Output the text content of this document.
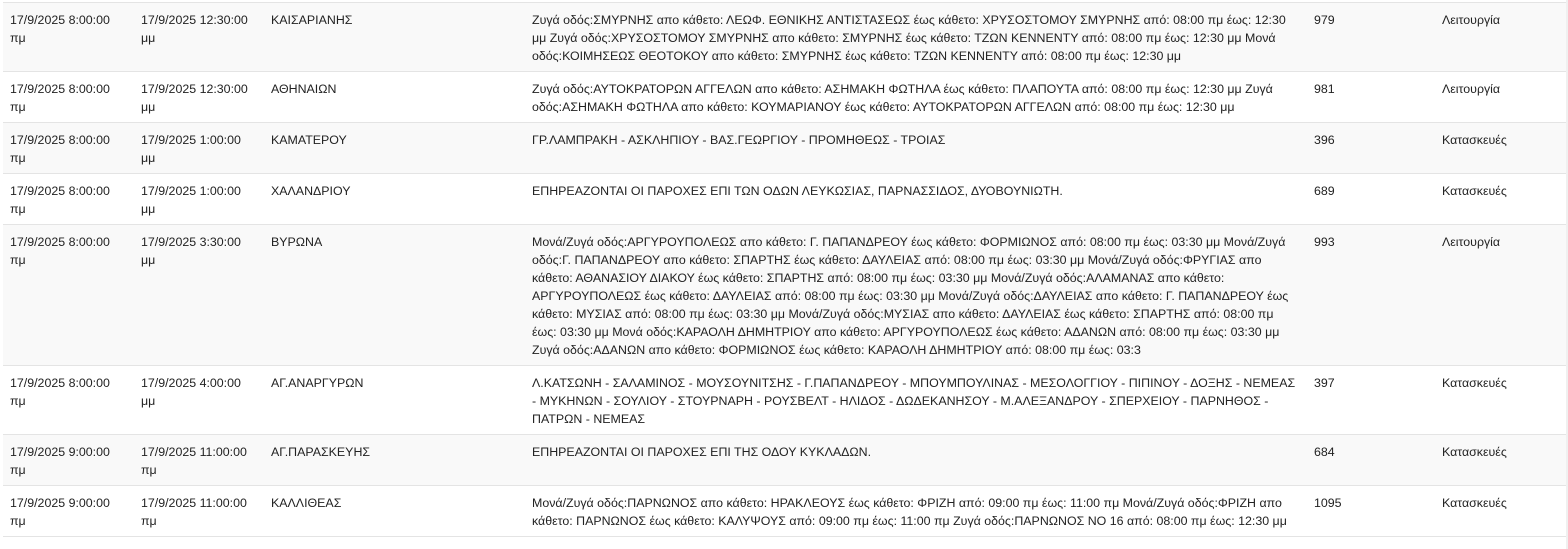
17/9/2025 8:00:00 πμ	17/9/2025 12:30:00 μμ	ΚΑΙΣΑΡΙΑΝΗΣ	Ζυγά οδός:ΣΜΥΡΝΗΣ απο κάθετο: ΛΕΩΦ. ΕΘΝΙΚΗΣ ΑΝΤΙΣΤΑΣΕΩΣ έως κάθετο: ΧΡΥΣΟΣΤΟΜΟΥ ΣΜΥΡΝΗΣ από: 08:00 πμ έως: 12:30 μμ Ζυγά οδός:ΧΡΥΣΟΣΤΟΜΟΥ ΣΜΥΡΝΗΣ απο κάθετο: ΣΜΥΡΝΗΣ έως κάθετο: ΤΖΩΝ ΚΕΝΝΕΝΤΥ από: 08:00 πμ έως: 12:30 μμ Μονά οδός:ΚΟΙΜΗΣΕΩΣ ΘΕΟΤΟΚΟΥ απο κάθετο: ΣΜΥΡΝΗΣ έως κάθετο: ΤΖΩΝ ΚΕΝΝΕΝΤΥ από: 08:00 πμ έως: 12:30 μμ	979	Λειτουργία
17/9/2025 8:00:00 πμ	17/9/2025 12:30:00 μμ	ΑΘΗΝΑΙΩΝ	Ζυγά οδός:ΑΥΤΟΚΡΑΤΟΡΩΝ ΑΓΓΕΛΩΝ απο κάθετο: ΑΣΗΜΑΚΗ ΦΩΤΗΛΑ έως κάθετο: ΠΛΑΠΟΥΤΑ από: 08:00 πμ έως: 12:30 μμ Ζυγά οδός:ΑΣΗΜΑΚΗ ΦΩΤΗΛΑ απο κάθετο: ΚΟΥΜΑΡΙΑΝΟΥ έως κάθετο: ΑΥΤΟΚΡΑΤΟΡΩΝ ΑΓΓΕΛΩΝ από: 08:00 πμ έως: 12:30 μμ	981	Λειτουργία
17/9/2025 8:00:00 πμ	17/9/2025 1:00:00 μμ	ΚΑΜΑΤΕΡΟΥ	ΓΡ.ΛΑΜΠΡΑΚΗ - ΑΣΚΛΗΠΙΟΥ - ΒΑΣ.ΓΕΩΡΓΙΟΥ - ΠΡΟΜΗΘΕΩΣ - ΤΡΟΙΑΣ	396	Κατασκευές
17/9/2025 8:00:00 πμ	17/9/2025 1:00:00 μμ	ΧΑΛΑΝΔΡΙΟΥ	ΕΠΗΡΕΑΖΟΝΤΑΙ ΟΙ ΠΑΡΟΧΕΣ ΕΠΙ ΤΩΝ ΟΔΩΝ ΛΕΥΚΩΣΙΑΣ, ΠΑΡΝΑΣΣΙΔΟΣ, ΔΥΟΒΟΥΝΙΩΤΗ.	689	Κατασκευές
17/9/2025 8:00:00 πμ	17/9/2025 3:30:00 μμ	ΒΥΡΩΝΑ	Μονά/Ζυγά οδός:ΑΡΓΥΡΟΥΠΟΛΕΩΣ απο κάθετο: Γ. ΠΑΠΑΝΔΡΕΟΥ έως κάθετο: ΦΟΡΜΙΩΝΟΣ από: 08:00 πμ έως: 03:30 μμ Μονά/Ζυγά οδός:Γ. ΠΑΠΑΝΔΡΕΟΥ απο κάθετο: ΣΠΑΡΤΗΣ έως κάθετο: ΔΑΥΛΕΙΑΣ από: 08:00 πμ έως: 03:30 μμ Μονά/Ζυγά οδός:ΦΡΥΓΙΑΣ απο κάθετο: ΑΘΑΝΑΣΙΟΥ ΔΙΑΚΟΥ έως κάθετο: ΣΠΑΡΤΗΣ από: 08:00 πμ έως: 03:30 μμ Μονά/Ζυγά οδός:ΑΛΑΜΑΝΑΣ απο κάθετο: ΑΡΓΥΡΟΥΠΟΛΕΩΣ έως κάθετο: ΔΑΥΛΕΙΑΣ από: 08:00 πμ έως: 03:30 μμ Μονά/Ζυγά οδός:ΔΑΥΛΕΙΑΣ απο κάθετο: Γ. ΠΑΠΑΝΔΡΕΟΥ έως κάθετο: ΜΥΣΙΑΣ από: 08:00 πμ έως: 03:30 μμ Μονά/Ζυγά οδός:ΜΥΣΙΑΣ απο κάθετο: ΔΑΥΛΕΙΑΣ έως κάθετο: ΣΠΑΡΤΗΣ από: 08:00 πμ έως: 03:30 μμ Μονά οδός:ΚΑΡΑΟΛΗ ΔΗΜΗΤΡΙΟΥ απο κάθετο: ΑΡΓΥΡΟΥΠΟΛΕΩΣ έως κάθετο: ΑΔΑΝΩΝ από: 08:00 πμ έως: 03:30 μμ Ζυγά οδός:ΑΔΑΝΩΝ απο κάθετο: ΦΟΡΜΙΩΝΟΣ έως κάθετο: ΚΑΡΑΟΛΗ ΔΗΜΗΤΡΙΟΥ από: 08:00 πμ έως: 03:3	993	Λειτουργία
17/9/2025 8:00:00 πμ	17/9/2025 4:00:00 μμ	ΑΓ.ΑΝΑΡΓΥΡΩΝ	Λ.ΚΑΤΣΩΝΗ - ΣΑΛΑΜΙΝΟΣ - ΜΟΥΣΟΥΝΙΤΣΗΣ - Γ.ΠΑΠΑΝΔΡΕΟΥ - ΜΠΟΥΜΠΟΥΛΙΝΑΣ - ΜΕΣΟΛΟΓΓΙΟΥ - ΠΙΠΙΝΟΥ - ΔΟΞΗΣ - ΝΕΜΕΑΣ - ΜΥΚΗΝΩΝ - ΣΟΥΛΙΟΥ - ΣΤΟΥΡΝΑΡΗ - ΡΟΥΣΒΕΛΤ - ΗΛΙΔΟΣ - ΔΩΔΕΚΑΝΗΣΟΥ - Μ.ΑΛΕΞΑΝΔΡΟΥ - ΣΠΕΡΧΕΙΟΥ - ΠΑΡΝΗΘΟΣ - ΠΑΤΡΩΝ - ΝΕΜΕΑΣ	397	Κατασκευές
17/9/2025 9:00:00 πμ	17/9/2025 11:00:00 πμ	ΑΓ.ΠΑΡΑΣΚΕΥΗΣ	ΕΠΗΡΕΑΖΟΝΤΑΙ ΟΙ ΠΑΡΟΧΕΣ ΕΠΙ ΤΗΣ ΟΔΟΥ ΚΥΚΛΑΔΩΝ.	684	Κατασκευές
17/9/2025 9:00:00 πμ	17/9/2025 11:00:00 πμ	ΚΑΛΛΙΘΕΑΣ	Μονά/Ζυγά οδός:ΠΑΡΝΩΝΟΣ απο κάθετο: ΗΡΑΚΛΕΟΥΣ έως κάθετο: ΦΡΙΖΗ από: 09:00 πμ έως: 11:00 πμ Μονά/Ζυγά οδός:ΦΡΙΖΗ απο κάθετο: ΠΑΡΝΩΝΟΣ έως κάθετο: ΚΑΛΥΨΟΥΣ από: 09:00 πμ έως: 11:00 πμ Ζυγά οδός:ΠΑΡΝΩΝΟΣ ΝΟ 16 από: 08:00 πμ έως: 12:30 μμ	1095	Κατασκευές
